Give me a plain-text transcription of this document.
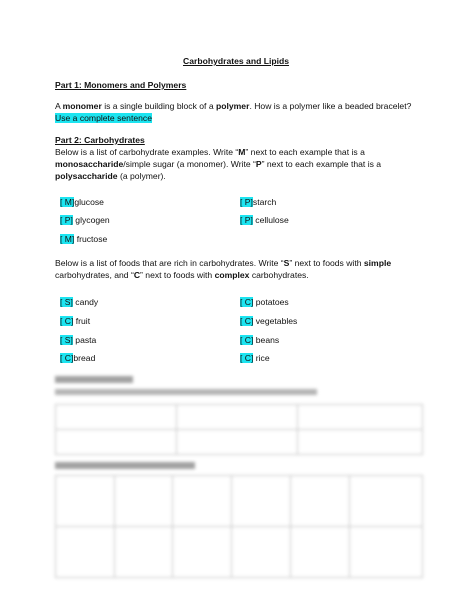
Carbohydrates and Lipids
Part 1: Monomers and Polymers
A monomer is a single building block of a polymer. How is a polymer like a beaded bracelet?
Use a complete sentence
Part 2: Carbohydrates
Below is a list of carbohydrate examples. Write “M” next to each example that is a
monosaccharide/simple sugar (a monomer). Write “P” next to each example that is a
polysaccharide (a polymer).
[ M]glucose
[ P] glycogen
[ M] fructose
[ P]starch
[ P] cellulose
Below is a list of foods that are rich in carbohydrates. Write “S” next to foods with simple
carbohydrates, and “C” next to foods with complex carbohydrates.
[ S] candy
[ C] fruit
[ S] pasta
[ C]bread
[ C] potatoes
[ C] vegetables
[ C] beans
[ C] rice
